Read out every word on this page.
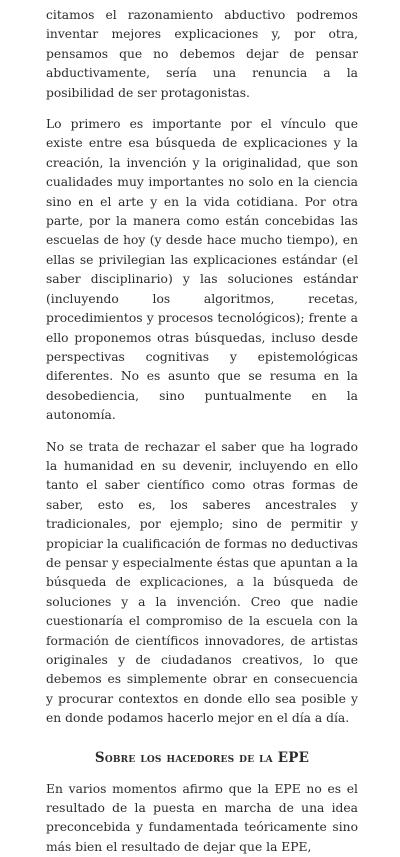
citamos el razonamiento abductivo podremos inventar mejores explicaciones y, por otra, pensamos que no debemos dejar de pensar abductivamente, sería una renuncia a la posibilidad de ser protagonistas.

Lo primero es importante por el vínculo que existe entre esa búsqueda de explicaciones y la creación, la invención y la originalidad, que son cualidades muy importantes no solo en la ciencia sino en el arte y en la vida cotidiana. Por otra parte, por la manera como están concebidas las escuelas de hoy (y desde hace mucho tiempo), en ellas se privilegian las explicaciones estándar (el saber disciplinario) y las soluciones estándar (incluyendo los algoritmos, recetas, procedimientos y procesos tecnológicos); frente a ello proponemos otras búsquedas, incluso desde perspectivas cognitivas y epistemológicas diferentes. No es asunto que se resuma en la desobediencia, sino puntualmente en la autonomía.

No se trata de rechazar el saber que ha logrado la humanidad en su devenir, incluyendo en ello tanto el saber científico como otras formas de saber, esto es, los saberes ancestrales y tradicionales, por ejemplo; sino de permitir y propiciar la cualificación de formas no deductivas de pensar y especialmente éstas que apuntan a la búsqueda de explicaciones, a la búsqueda de soluciones y a la invención. Creo que nadie cuestionaría el compromiso de la escuela con la formación de científicos innovadores, de artistas originales y de ciudadanos creativos, lo que debemos es simplemente obrar en consecuencia y procurar contextos en donde ello sea posible y en donde podamos hacerlo mejor en el día a día.

Sobre los hacedores de la EPE

En varios momentos afirmo que la EPE no es el resultado de la puesta en marcha de una idea preconcebida y fundamentada teóricamente sino más bien el resultado de dejar que la EPE,
